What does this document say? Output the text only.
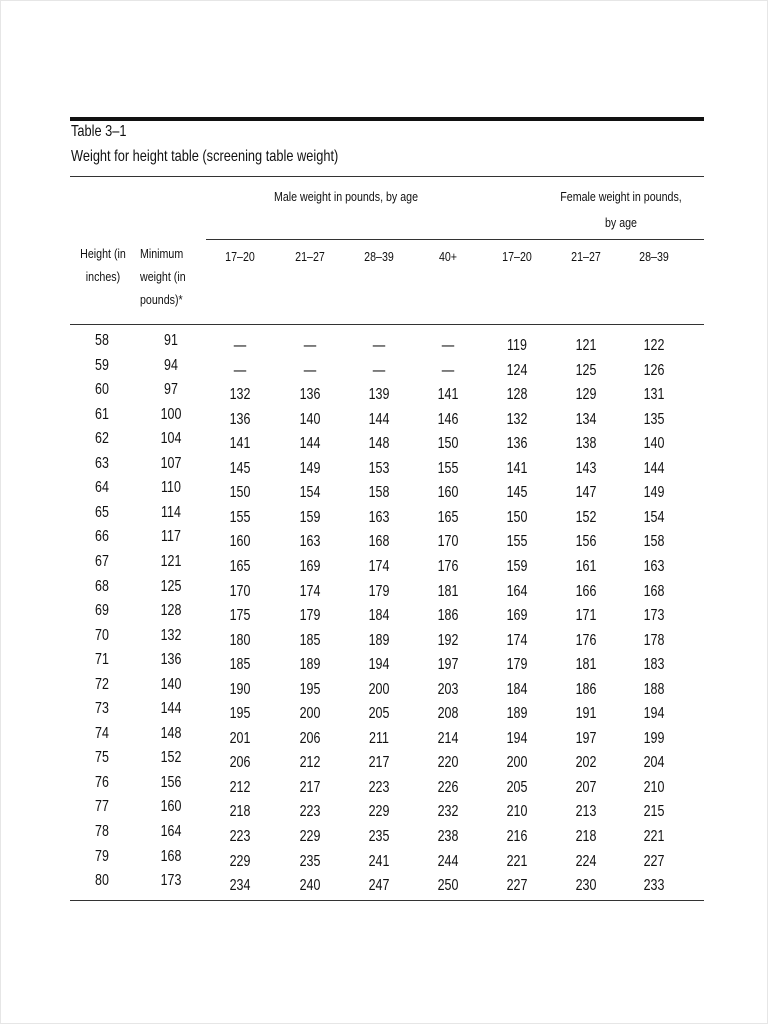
Table 3–1
Weight for height table (screening table weight)
Male weight in pounds, by age	Female weight in pounds,
by age
Height (in
inches)
Minimum
weight (in
pounds)*
17–20	21–27	28–39	40+	17–20	21–27	28–39
58	91	—	—	—	—	119	121	122
59	94	—	—	—	—	124	125	126
60	97	132	136	139	141	128	129	131
61	100	136	140	144	146	132	134	135
62	104	141	144	148	150	136	138	140
63	107	145	149	153	155	141	143	144
64	110	150	154	158	160	145	147	149
65	114	155	159	163	165	150	152	154
66	117	160	163	168	170	155	156	158
67	121	165	169	174	176	159	161	163
68	125	170	174	179	181	164	166	168
69	128	175	179	184	186	169	171	173
70	132	180	185	189	192	174	176	178
71	136	185	189	194	197	179	181	183
72	140	190	195	200	203	184	186	188
73	144	195	200	205	208	189	191	194
74	148	201	206	211	214	194	197	199
75	152	206	212	217	220	200	202	204
76	156	212	217	223	226	205	207	210
77	160	218	223	229	232	210	213	215
78	164	223	229	235	238	216	218	221
79	168	229	235	241	244	221	224	227
80	173	234	240	247	250	227	230	233
